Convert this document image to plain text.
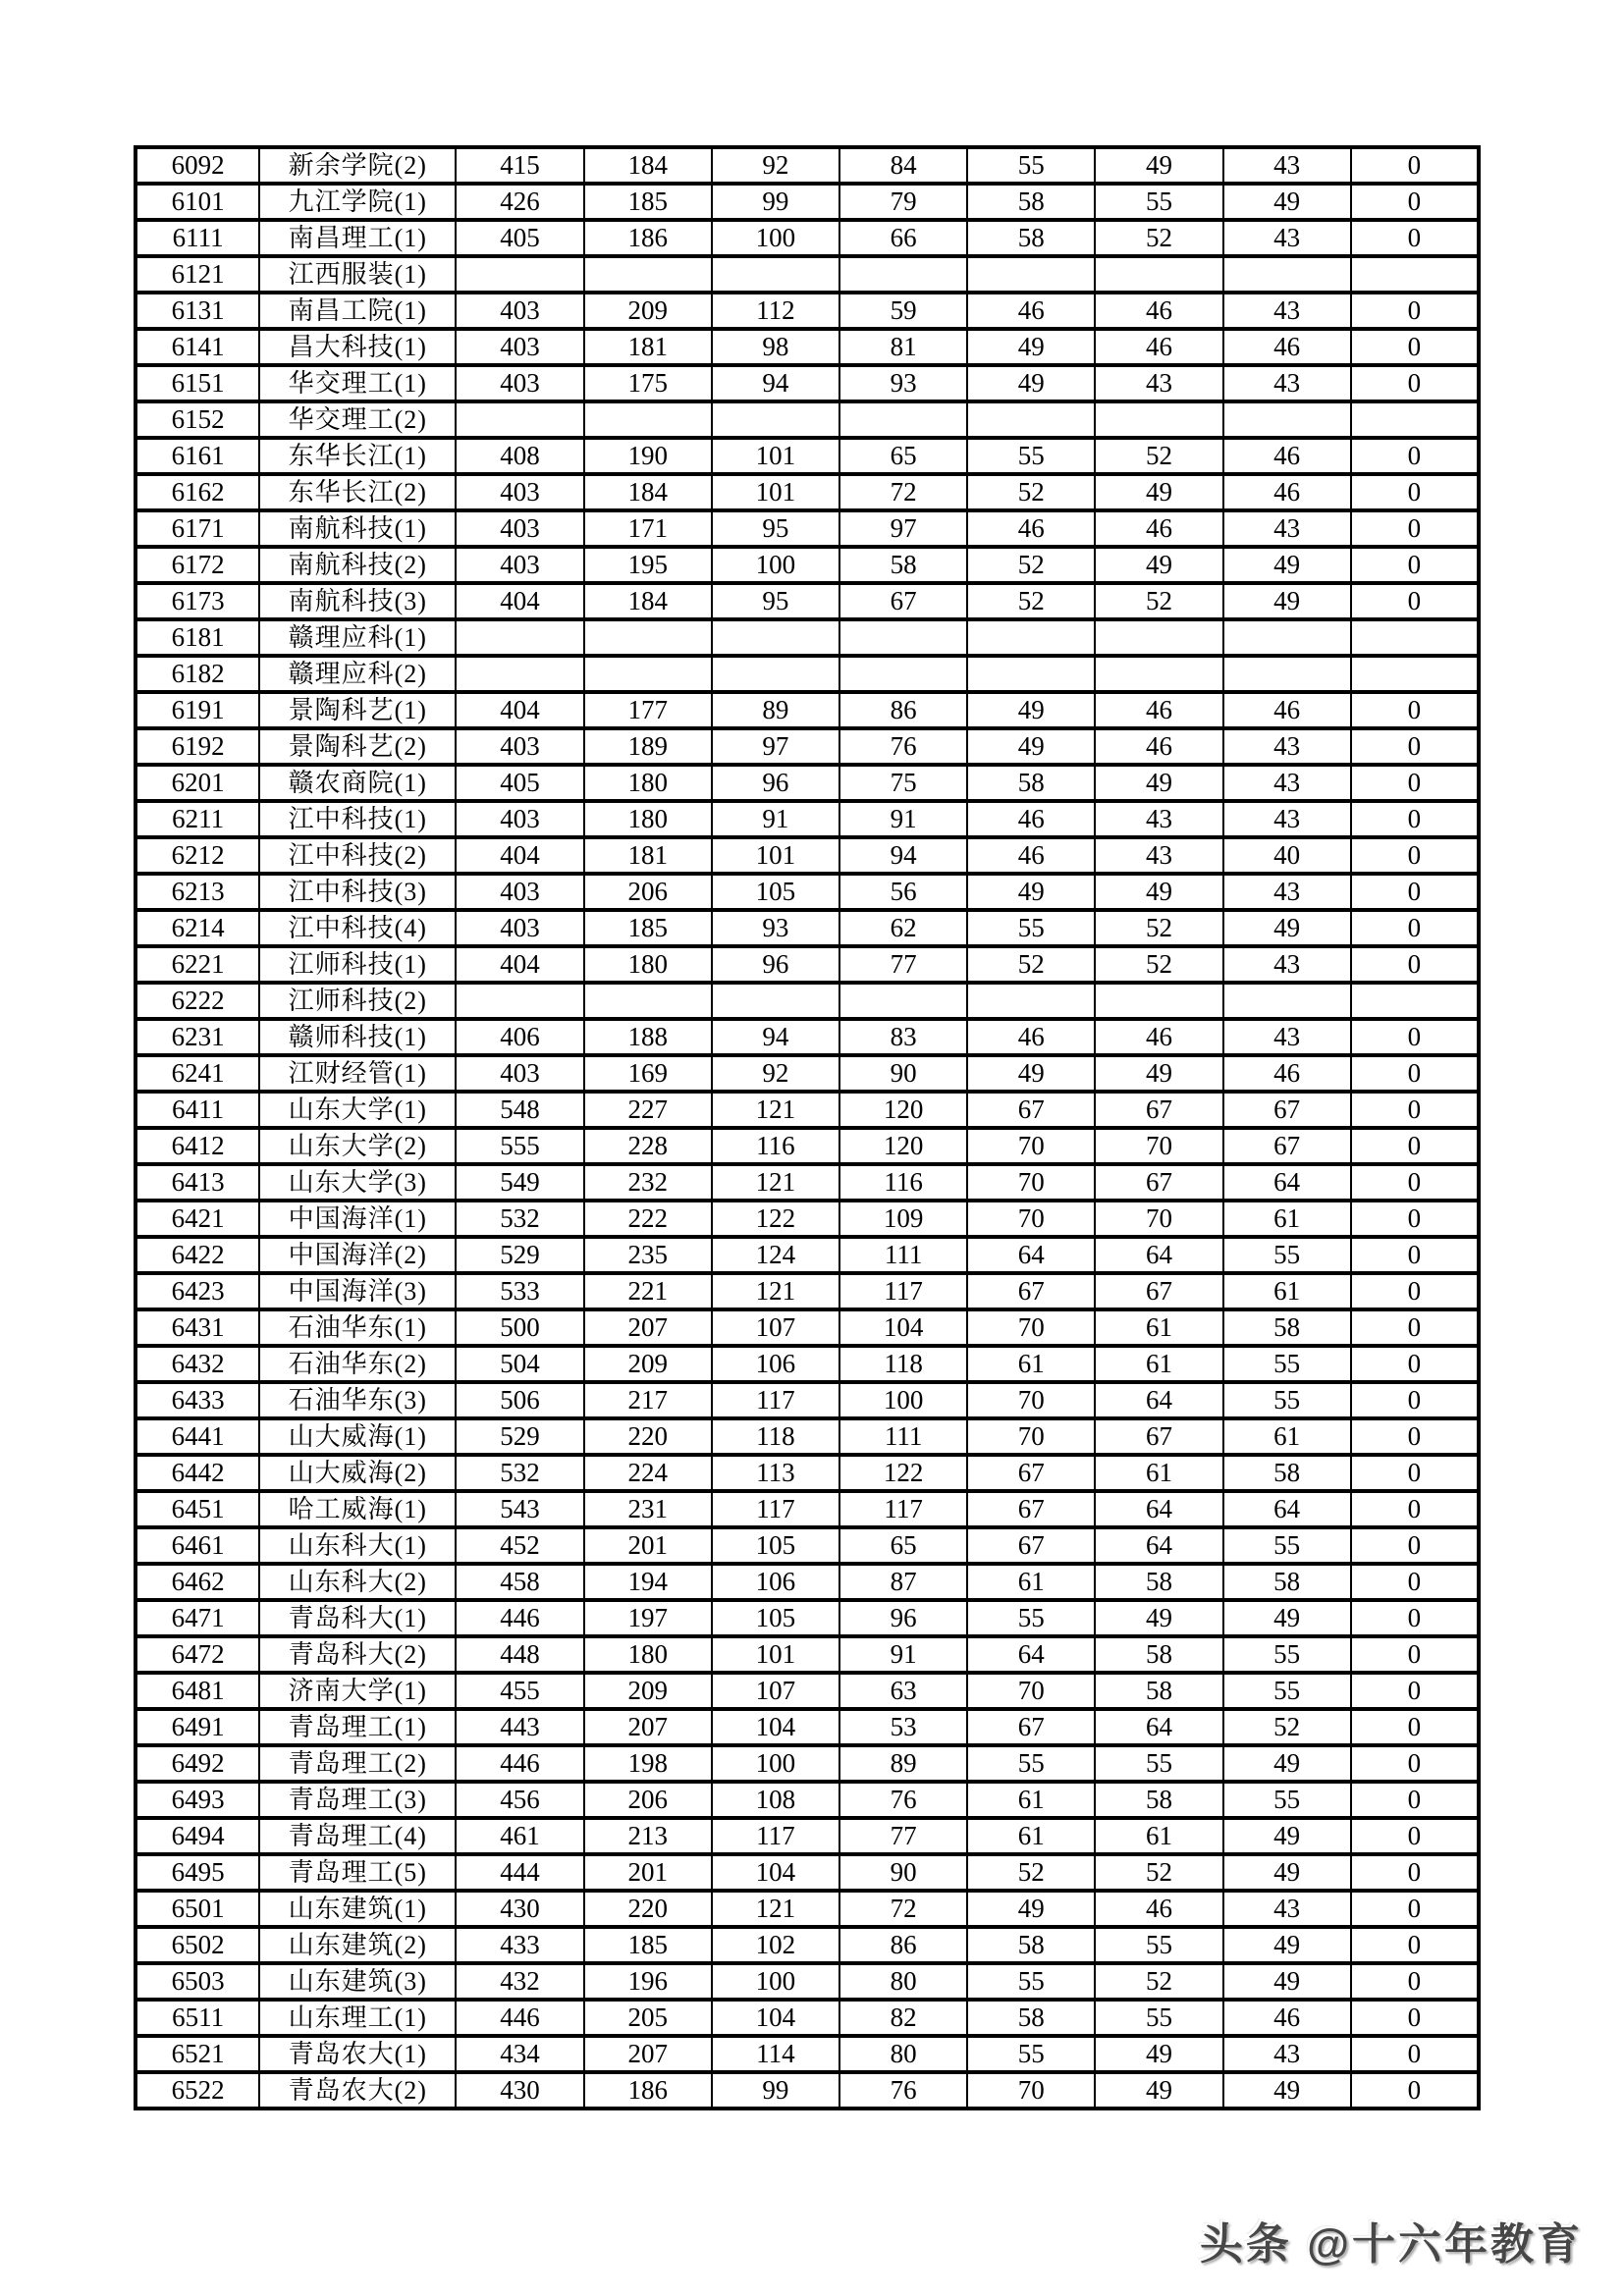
6092	新余学院(2)	415	184	92	84	55	49	43	0
6101	九江学院(1)	426	185	99	79	58	55	49	0
6111	南昌理工(1)	405	186	100	66	58	52	43	0
6121	江西服装(1)								
6131	南昌工院(1)	403	209	112	59	46	46	43	0
6141	昌大科技(1)	403	181	98	81	49	46	46	0
6151	华交理工(1)	403	175	94	93	49	43	43	0
6152	华交理工(2)								
6161	东华长江(1)	408	190	101	65	55	52	46	0
6162	东华长江(2)	403	184	101	72	52	49	46	0
6171	南航科技(1)	403	171	95	97	46	46	43	0
6172	南航科技(2)	403	195	100	58	52	49	49	0
6173	南航科技(3)	404	184	95	67	52	52	49	0
6181	赣理应科(1)								
6182	赣理应科(2)								
6191	景陶科艺(1)	404	177	89	86	49	46	46	0
6192	景陶科艺(2)	403	189	97	76	49	46	43	0
6201	赣农商院(1)	405	180	96	75	58	49	43	0
6211	江中科技(1)	403	180	91	91	46	43	43	0
6212	江中科技(2)	404	181	101	94	46	43	40	0
6213	江中科技(3)	403	206	105	56	49	49	43	0
6214	江中科技(4)	403	185	93	62	55	52	49	0
6221	江师科技(1)	404	180	96	77	52	52	43	0
6222	江师科技(2)								
6231	赣师科技(1)	406	188	94	83	46	46	43	0
6241	江财经管(1)	403	169	92	90	49	49	46	0
6411	山东大学(1)	548	227	121	120	67	67	67	0
6412	山东大学(2)	555	228	116	120	70	70	67	0
6413	山东大学(3)	549	232	121	116	70	67	64	0
6421	中国海洋(1)	532	222	122	109	70	70	61	0
6422	中国海洋(2)	529	235	124	111	64	64	55	0
6423	中国海洋(3)	533	221	121	117	67	67	61	0
6431	石油华东(1)	500	207	107	104	70	61	58	0
6432	石油华东(2)	504	209	106	118	61	61	55	0
6433	石油华东(3)	506	217	117	100	70	64	55	0
6441	山大威海(1)	529	220	118	111	70	67	61	0
6442	山大威海(2)	532	224	113	122	67	61	58	0
6451	哈工威海(1)	543	231	117	117	67	64	64	0
6461	山东科大(1)	452	201	105	65	67	64	55	0
6462	山东科大(2)	458	194	106	87	61	58	58	0
6471	青岛科大(1)	446	197	105	96	55	49	49	0
6472	青岛科大(2)	448	180	101	91	64	58	55	0
6481	济南大学(1)	455	209	107	63	70	58	55	0
6491	青岛理工(1)	443	207	104	53	67	64	52	0
6492	青岛理工(2)	446	198	100	89	55	55	49	0
6493	青岛理工(3)	456	206	108	76	61	58	55	0
6494	青岛理工(4)	461	213	117	77	61	61	49	0
6495	青岛理工(5)	444	201	104	90	52	52	49	0
6501	山东建筑(1)	430	220	121	72	49	46	43	0
6502	山东建筑(2)	433	185	102	86	58	55	49	0
6503	山东建筑(3)	432	196	100	80	55	52	49	0
6511	山东理工(1)	446	205	104	82	58	55	46	0
6521	青岛农大(1)	434	207	114	80	55	49	43	0
6522	青岛农大(2)	430	186	99	76	70	49	49	0
头条 @十六年教育
